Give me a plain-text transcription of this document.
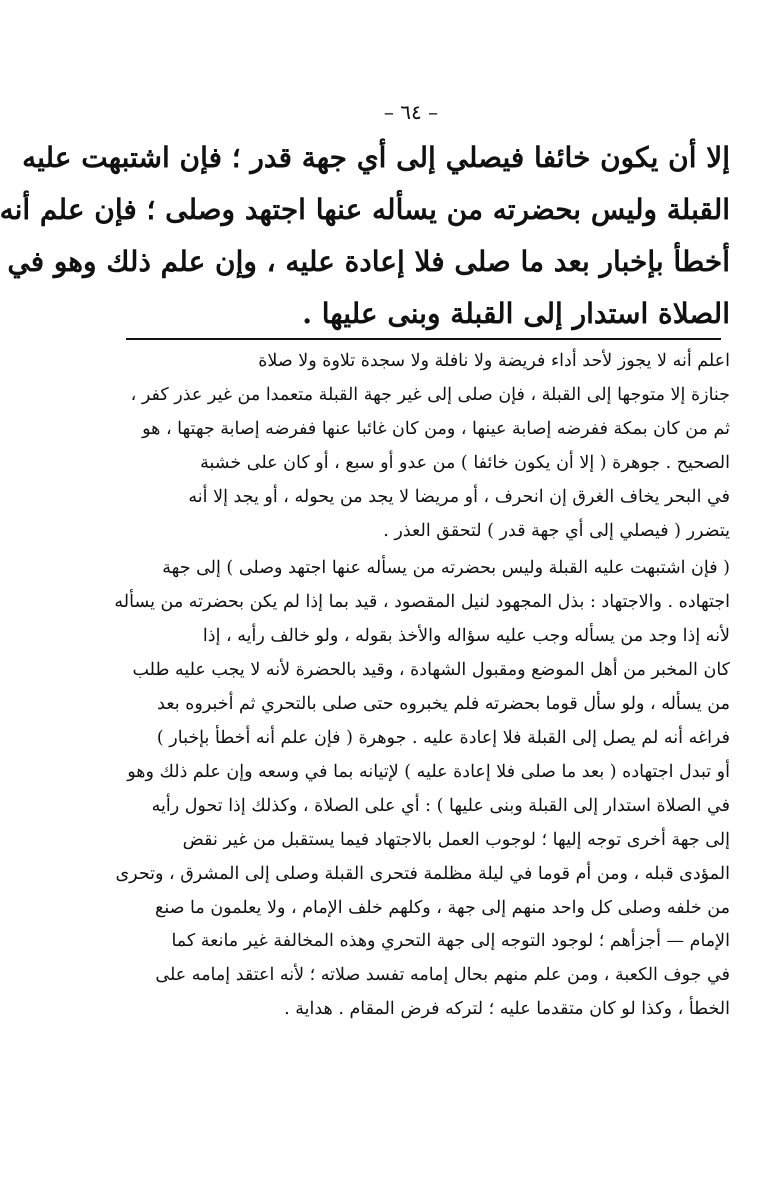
– ٦٤ –
إلا أن يكون خائفا فيصلي إلى أي جهة قدر ؛ فإن اشتبهت عليه
القبلة وليس بحضرته من يسأله عنها اجتهد وصلى ؛ فإن علم أنه
أخطأ بإخبار بعد ما صلى فلا إعادة عليه ، وإن علم ذلك وهو في
الصلاة استدار إلى القبلة وبنى عليها .
اعلم أنه لا يجوز لأحد أداء فريضة ولا نافلة ولا سجدة تلاوة ولا صلاة
جنازة إلا متوجها إلى القبلة ، فإن صلى إلى غير جهة القبلة متعمدا من غير عذر كفر ،
ثم من كان بمكة ففرضه إصابة عينها ، ومن كان غائبا عنها ففرضه إصابة جهتها ، هو
الصحيح . جوهرة ( إلا أن يكون خائفا ) من عدو أو سبع ، أو كان على خشبة
في البحر يخاف الغرق إن انحرف ، أو مريضا لا يجد من يحوله ، أو يجد إلا أنه
يتضرر ( فيصلي إلى أي جهة قدر ) لتحقق العذر .
( فإن اشتبهت عليه القبلة وليس بحضرته من يسأله عنها اجتهد وصلى ) إلى جهة
اجتهاده . والاجتهاد : بذل المجهود لنيل المقصود ، قيد بما إذا لم يكن بحضرته من يسأله
لأنه إذا وجد من يسأله وجب عليه سؤاله والأخذ بقوله ، ولو خالف رأيه ، إذا
كان المخبر من أهل الموضع ومقبول الشهادة ، وقيد بالحضرة لأنه لا يجب عليه طلب
من يسأله ، ولو سأل قوما بحضرته فلم يخبروه حتى صلى بالتحري ثم أخبروه بعد
فراغه أنه لم يصل إلى القبلة فلا إعادة عليه . جوهرة ( فإن علم أنه أخطأ بإخبار )
أو تبدل اجتهاده ( بعد ما صلى فلا إعادة عليه ) لإتيانه بما في وسعه وإن علم ذلك وهو
في الصلاة استدار إلى القبلة وبنى عليها ) : أي على الصلاة ، وكذلك إذا تحول رأيه
إلى جهة أخرى توجه إليها ؛ لوجوب العمل بالاجتهاد فيما يستقبل من غير نقض
المؤدى قبله ، ومن أم قوما في ليلة مظلمة فتحرى القبلة وصلى إلى المشرق ، وتحرى
من خلفه وصلى كل واحد منهم إلى جهة ، وكلهم خلف الإمام ، ولا يعلمون ما صنع
الإمام — أجزأهم ؛ لوجود التوجه إلى جهة التحري وهذه المخالفة غير مانعة كما
في جوف الكعبة ، ومن علم منهم بحال إمامه تفسد صلاته ؛ لأنه اعتقد إمامه على
الخطأ ، وكذا لو كان متقدما عليه ؛ لتركه فرض المقام . هداية .
